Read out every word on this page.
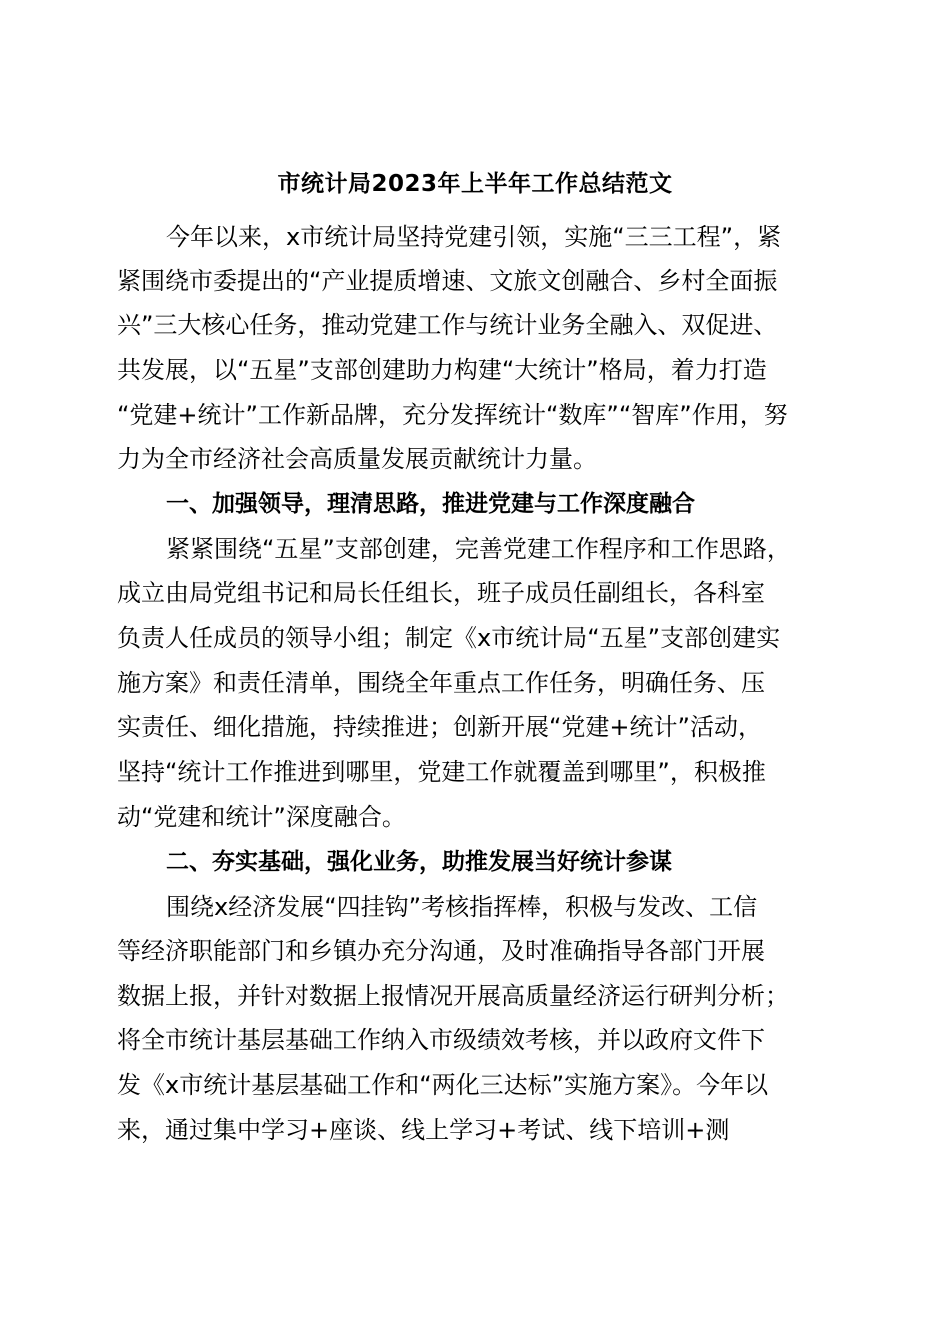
市统计局2023年上半年工作总结范文
今年以来，x市统计局坚持党建引领，实施“三三工程”，紧
紧围绕市委提出的“产业提质增速、文旅文创融合、乡村全面振
兴”三大核心任务，推动党建工作与统计业务全融入、双促进、
共发展，以“五星”支部创建助力构建“大统计”格局，着力打造
“党建+统计”工作新品牌，充分发挥统计“数库”“智库”作用，努
力为全市经济社会高质量发展贡献统计力量。
一、加强领导，理清思路，推进党建与工作深度融合
紧紧围绕“五星”支部创建，完善党建工作程序和工作思路，
成立由局党组书记和局长任组长，班子成员任副组长，各科室
负责人任成员的领导小组；制定《x市统计局“五星”支部创建实
施方案》和责任清单，围绕全年重点工作任务，明确任务、压
实责任、细化措施，持续推进；创新开展“党建+统计”活动，
坚持“统计工作推进到哪里，党建工作就覆盖到哪里”，积极推
动“党建和统计”深度融合。
二、夯实基础，强化业务，助推发展当好统计参谋
围绕x经济发展“四挂钩”考核指挥棒，积极与发改、工信
等经济职能部门和乡镇办充分沟通，及时准确指导各部门开展
数据上报，并针对数据上报情况开展高质量经济运行研判分析；
将全市统计基层基础工作纳入市级绩效考核，并以政府文件下
发《x市统计基层基础工作和“两化三达标”实施方案》。今年以
来，通过集中学习+座谈、线上学习+考试、线下培训+测
